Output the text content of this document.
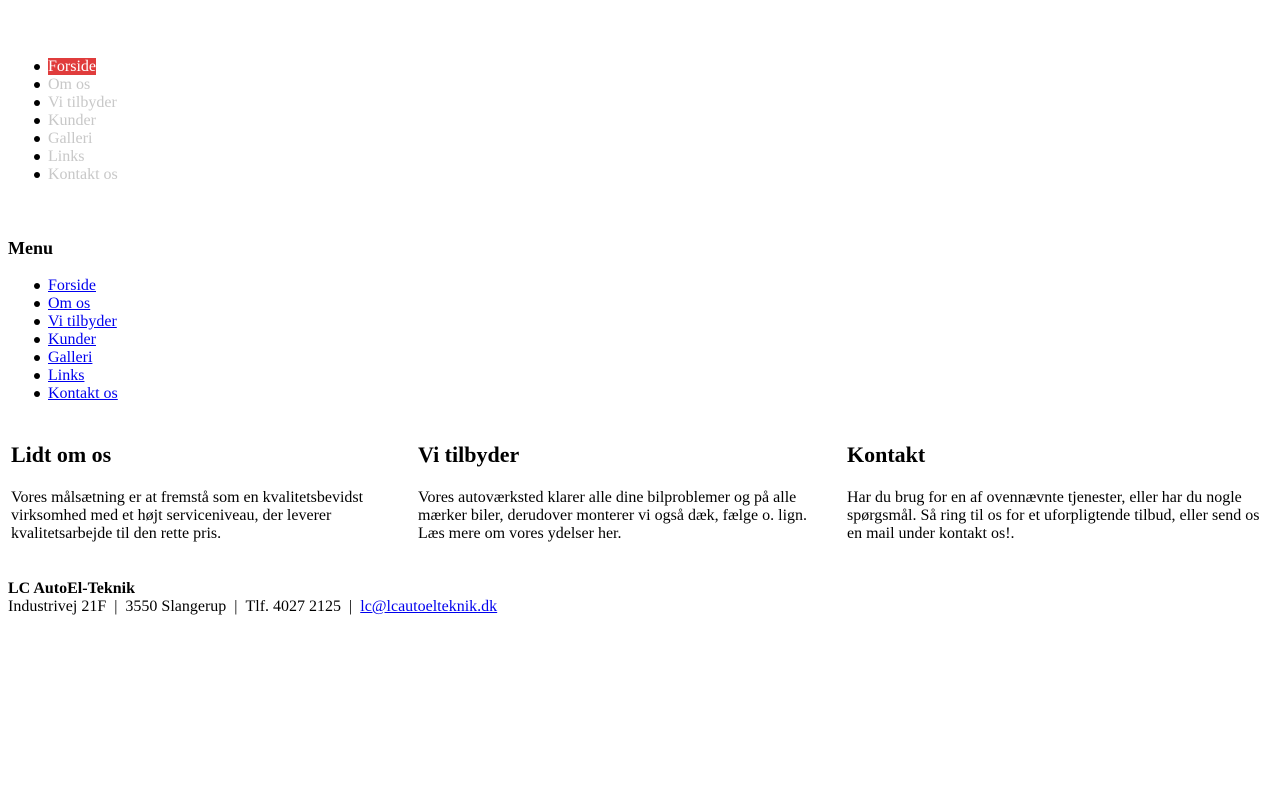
Forside
Om os
Vi tilbyder
Kunder
Galleri
Links
Kontakt os
Menu
Forside
Om os
Vi tilbyder
Kunder
Galleri
Links
Kontakt os
Lidt om os

Vores målsætning er at fremstå som en kvalitetsbevidst virksomhed med et højt serviceniveau, der leverer kvalitetsarbejde til den rette pris.

Vi tilbyder

Vores autoværksted klarer alle dine bilproblemer og på alle mærker biler, derudover monterer vi også dæk, fælge o. lign. Læs mere om vores ydelser her.

Kontakt

Har du brug for en af ovennævnte tjenester, eller har du nogle spørgsmål. Så ring til os for et uforpligtende tilbud, eller send os en mail under kontakt os!.

LC AutoEl-Teknik
Industrivej 21F | 3550 Slangerup | Tlf. 4027 2125 | lc@lcautoelteknik.dk
